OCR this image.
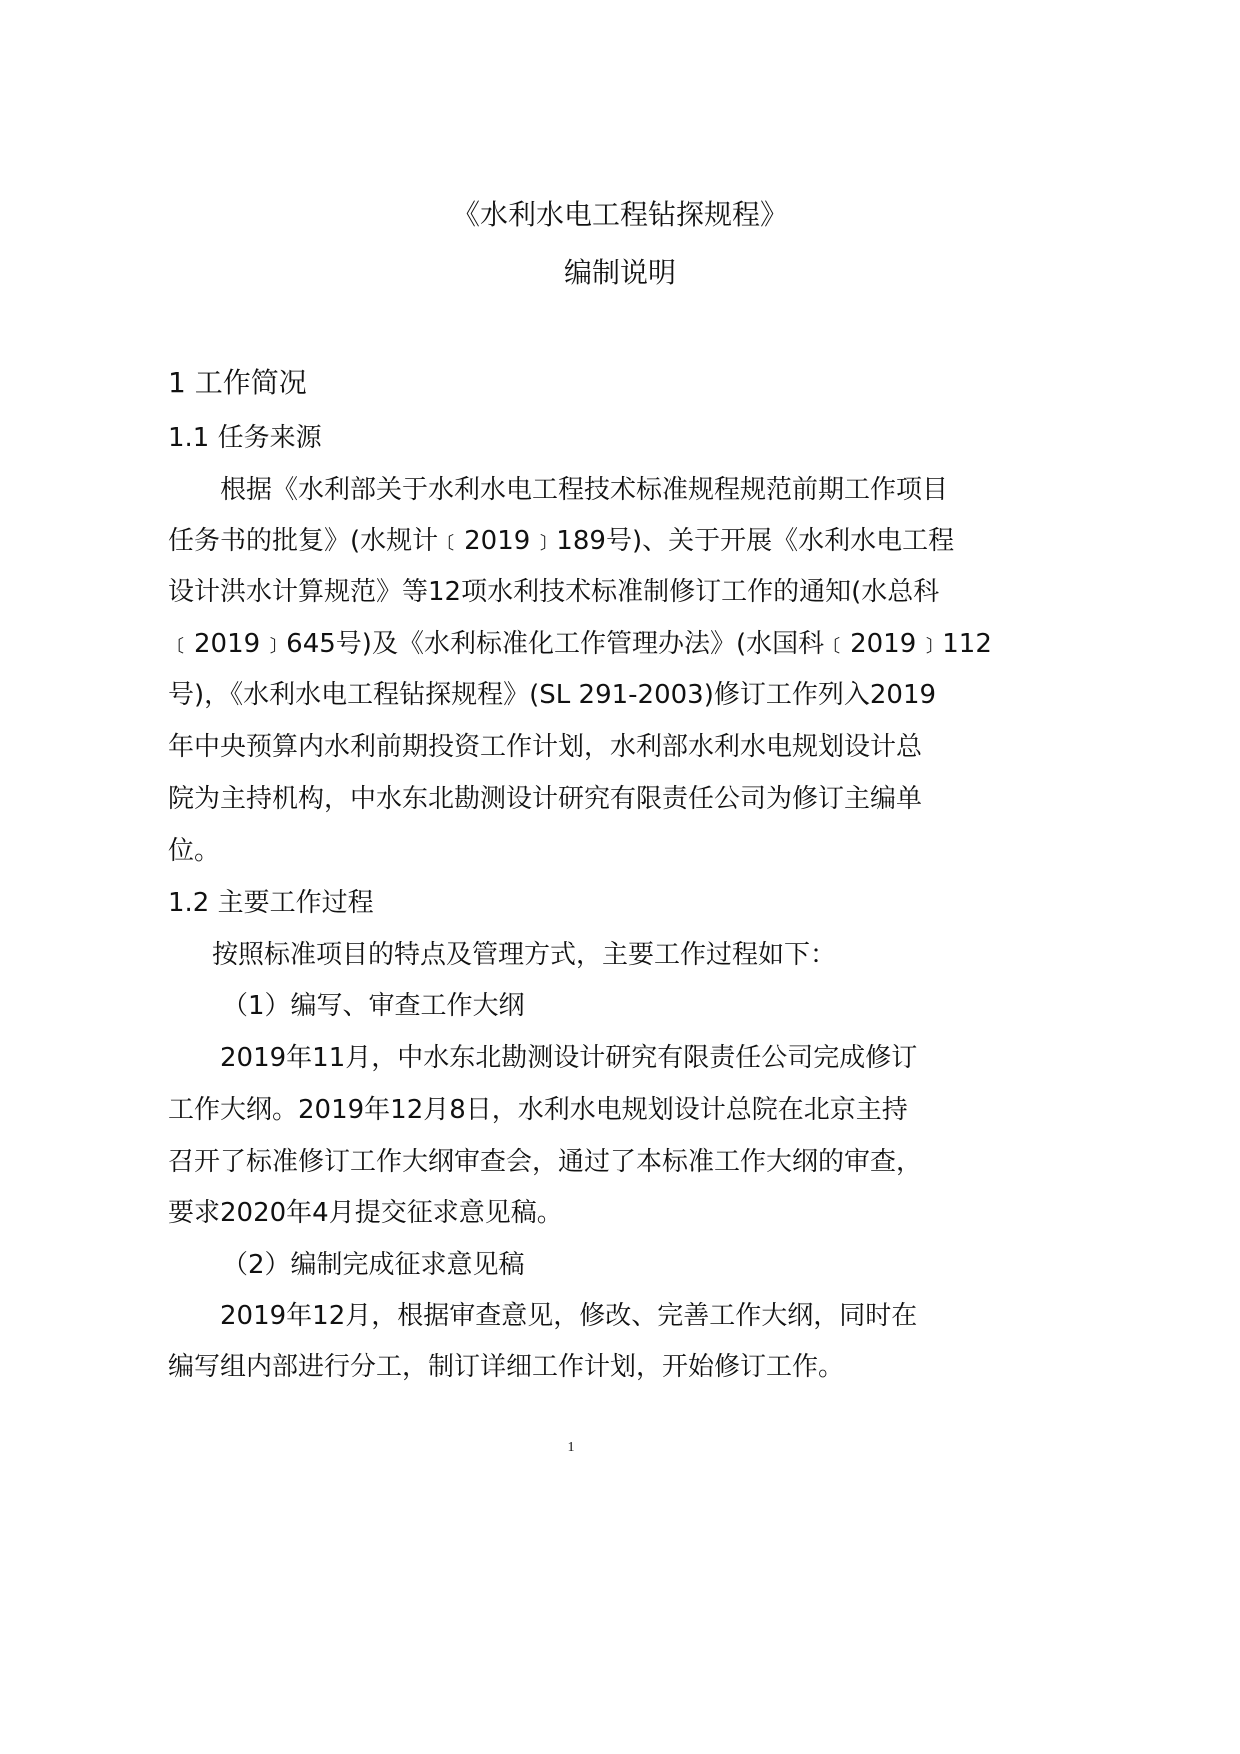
《水利水电工程钻探规程》
编制说明
1 工作简况
1.1 任务来源
根据《水利部关于水利水电工程技术标准规程规范前期工作项目
任务书的批复》(水规计﹝2019﹞189号)、关于开展《水利水电工程
设计洪水计算规范》等12项水利技术标准制修订工作的通知(水总科
﹝2019﹞645号)及《水利标准化工作管理办法》(水国科﹝2019﹞112
号)，《水利水电工程钻探规程》(SL 291-2003)修订工作列入2019
年中央预算内水利前期投资工作计划，水利部水利水电规划设计总
院为主持机构，中水东北勘测设计研究有限责任公司为修订主编单
位。
1.2 主要工作过程
按照标准项目的特点及管理方式，主要工作过程如下：
（1）编写、审查工作大纲
2019年11月，中水东北勘测设计研究有限责任公司完成修订
工作大纲。2019年12月8日，水利水电规划设计总院在北京主持
召开了标准修订工作大纲审查会，通过了本标准工作大纲的审查，
要求2020年4月提交征求意见稿。
（2）编制完成征求意见稿
2019年12月，根据审查意见，修改、完善工作大纲，同时在
编写组内部进行分工，制订详细工作计划，开始修订工作。
1
